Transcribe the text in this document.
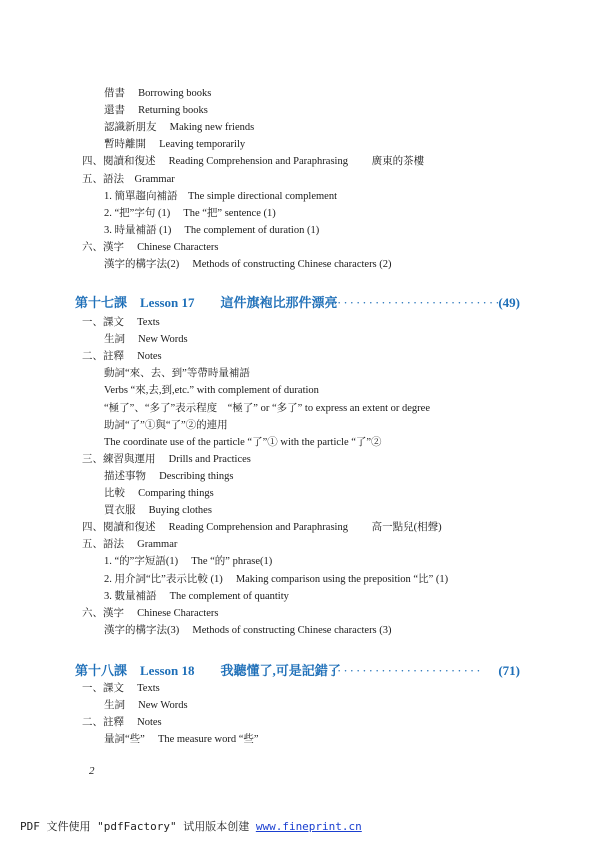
借書　 Borrowing books
還書　 Returning books
認識新朋友　 Making new friends
暫時離開　 Leaving temporarily
四、閱讀和復述　 Reading Comprehension and Paraphrasing　　 廣東的茶樓
五、語法　Grammar
1. 簡單趨向補語　The simple directional complement
2. “把”字句 (1)　 The “把” sentence (1)
3. 時量補語 (1)　 The complement of duration (1)
六、漢字　 Chinese Characters
漢字的構字法(2)　 Methods of constructing Chinese characters (2)
第十七課　Lesson 17　　這件旗袍比那件漂亮
·····························
(49)
一、課文　 Texts
生詞　 New Words
二、註釋　 Notes
動詞“來、去、到”等帶時量補語
Verbs “來,去,到,etc.” with complement of duration
“極了”、“多了”表示程度　“極了” or “多了” to express an extent or degree
助詞“了”①與“了”②的連用
The coordinate use of the particle “了”① with the particle “了”②
三、練習與運用　 Drills and Practices
描述事物　 Describing things
比較　 Comparing things
買衣服　 Buying clothes
四、閱讀和復述　 Reading Comprehension and Paraphrasing　　 高一點兒(相聲)
五、語法　 Grammar
1. “的”字短語(1)　 The “的” phrase(1)
2. 用介詞“比”表示比較 (1)　 Making comparison using the preposition “比” (1)
3. 數量補語　 The complement of quantity
六、漢字　 Chinese Characters
漢字的構字法(3)　 Methods of constructing Chinese characters (3)
第十八課　Lesson 18　　我聽懂了,可是記錯了
·························· (71)
一、課文　 Texts
生詞　 New Words
二、註釋　 Notes
量詞“些”　 The measure word “些”
2
PDF 文件使用 "pdfFactory" 试用版本创建 www.fineprint.cn
